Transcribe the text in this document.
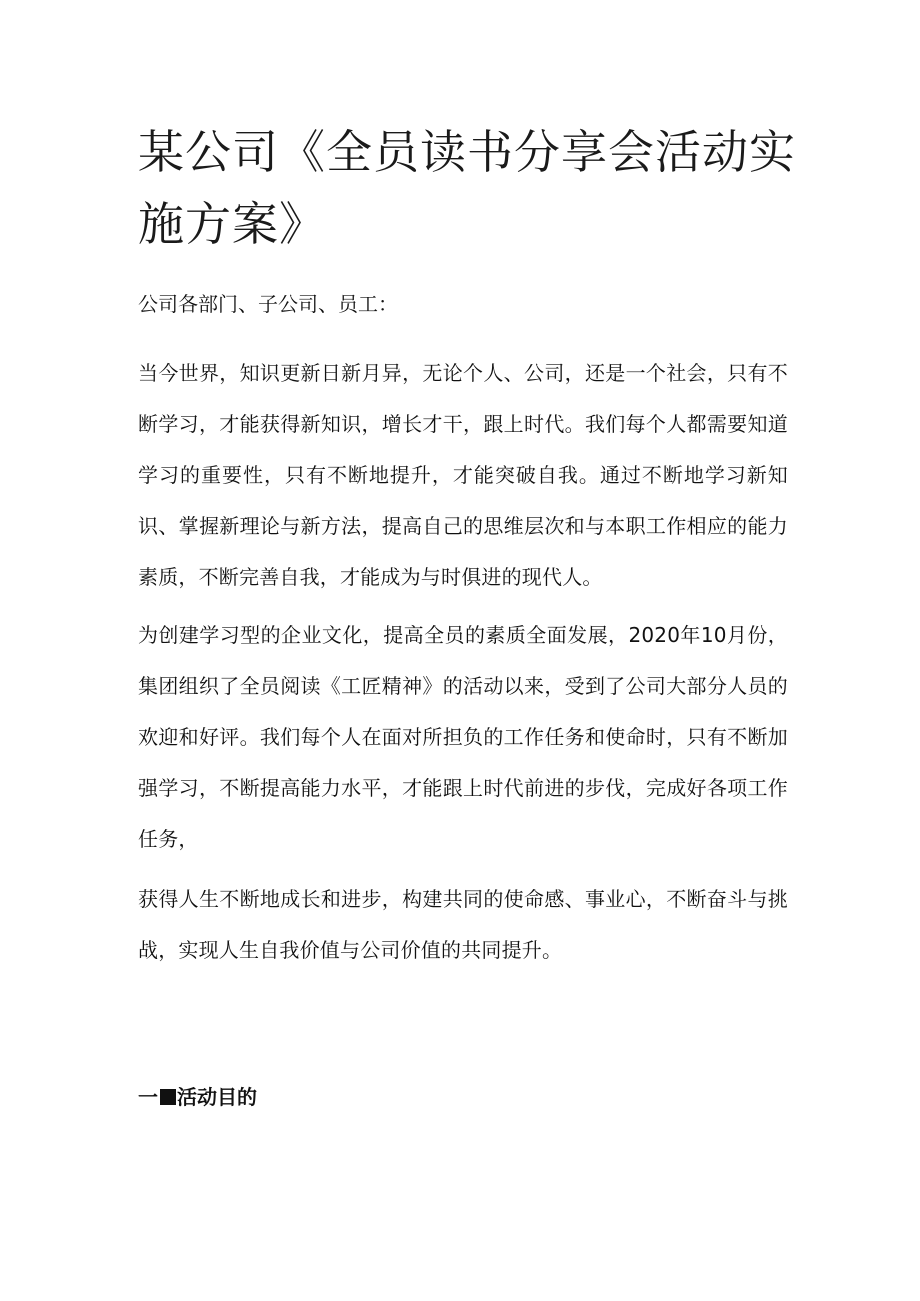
某公司《全员读书分享会活动实施方案》

公司各部门、子公司、员工：

当今世界，知识更新日新月异，无论个人、公司，还是一个社会，只有不断学习，才能获得新知识，增长才干，跟上时代。我们每个人都需要知道学习的重要性，只有不断地提升，才能突破自我。通过不断地学习新知识、掌握新理论与新方法，提高自己的思维层次和与本职工作相应的能力素质，不断完善自我，才能成为与时俱进的现代人。

为创建学习型的企业文化，提高全员的素质全面发展，2020年10月份，集团组织了全员阅读《工匠精神》的活动以来，受到了公司大部分人员的欢迎和好评。我们每个人在面对所担负的工作任务和使命时，只有不断加强学习，不断提高能力水平，才能跟上时代前进的步伐，完成好各项工作任务，

获得人生不断地成长和进步，构建共同的使命感、事业心，不断奋斗与挑战，实现人生自我价值与公司价值的共同提升。

一 活动目的
